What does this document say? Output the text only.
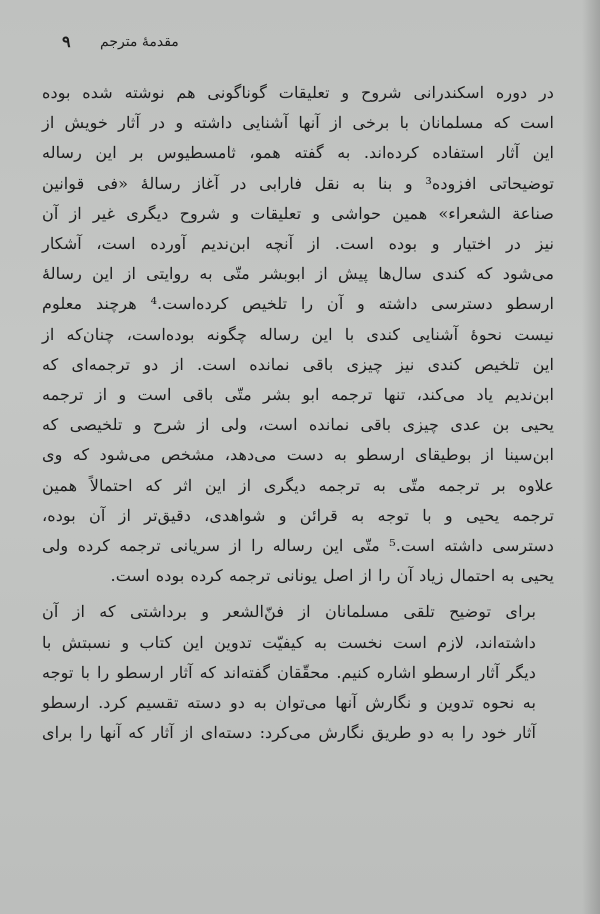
۹ مقدمهٔ مترجم
در دوره اسکندرانی شروح و تعلیقات گوناگونی هم نوشته شده بوده
است که مسلمانان با برخی از آنها آشنایی داشته و در آثار خویش از
این آثار استفاده کرده‌اند. به گفته همو، ثامسطیوس بر این رساله
توضیحاتی افزوده³ و بنا به نقل فارابی در آغاز رسالهٔ «فی قوانین
صناعة الشعراء» همین حواشی و تعلیقات و شروح دیگری غیر از آن
نیز در اختیار و بوده است. از آنچه ابن‌ندیم آورده است، آشکار
می‌شود که کندی سال‌ها پیش از ابوبشر متّی به روایتی از این رسالهٔ
ارسطو دسترسی داشته و آن را تلخیص کرده‌است.⁴ هرچند معلوم
نیست نحوهٔ آشنایی کندی با این رساله چگونه بوده‌است، چنان‌که از
این تلخیص کندی نیز چیزی باقی نمانده است. از دو ترجمه‌ای که
ابن‌ندیم یاد می‌کند، تنها ترجمه ابو بشر متّی باقی است و از ترجمه
یحیی بن عدی چیزی باقی نمانده است، ولی از شرح و تلخیصی که
ابن‌سینا از بوطیقای ارسطو به دست می‌دهد، مشخص می‌شود که وی
علاوه بر ترجمه متّی به ترجمه دیگری از این اثر که احتمالاً همین
ترجمه یحیی و با توجه به قرائن و شواهدی، دقیق‌تر از آن بوده،
دسترسی داشته است.⁵ متّی این رساله را از سریانی ترجمه کرده ولی
یحیی به احتمال زیاد آن را از اصل یونانی ترجمه کرده بوده است.
برای توضیح تلقی مسلمانان از فنّ‌الشعر و برداشتی که از آن
داشته‌اند، لازم است نخست به کیفیّت تدوین این کتاب و نسبتش با
دیگر آثار ارسطو اشاره کنیم. محقّقان گفته‌اند که آثار ارسطو را با توجه
به نحوه تدوین و نگارش آنها می‌توان به دو دسته تقسیم کرد. ارسطو
آثار خود را به دو طریق نگارش می‌کرد: دسته‌ای از آثار که آنها را برای
